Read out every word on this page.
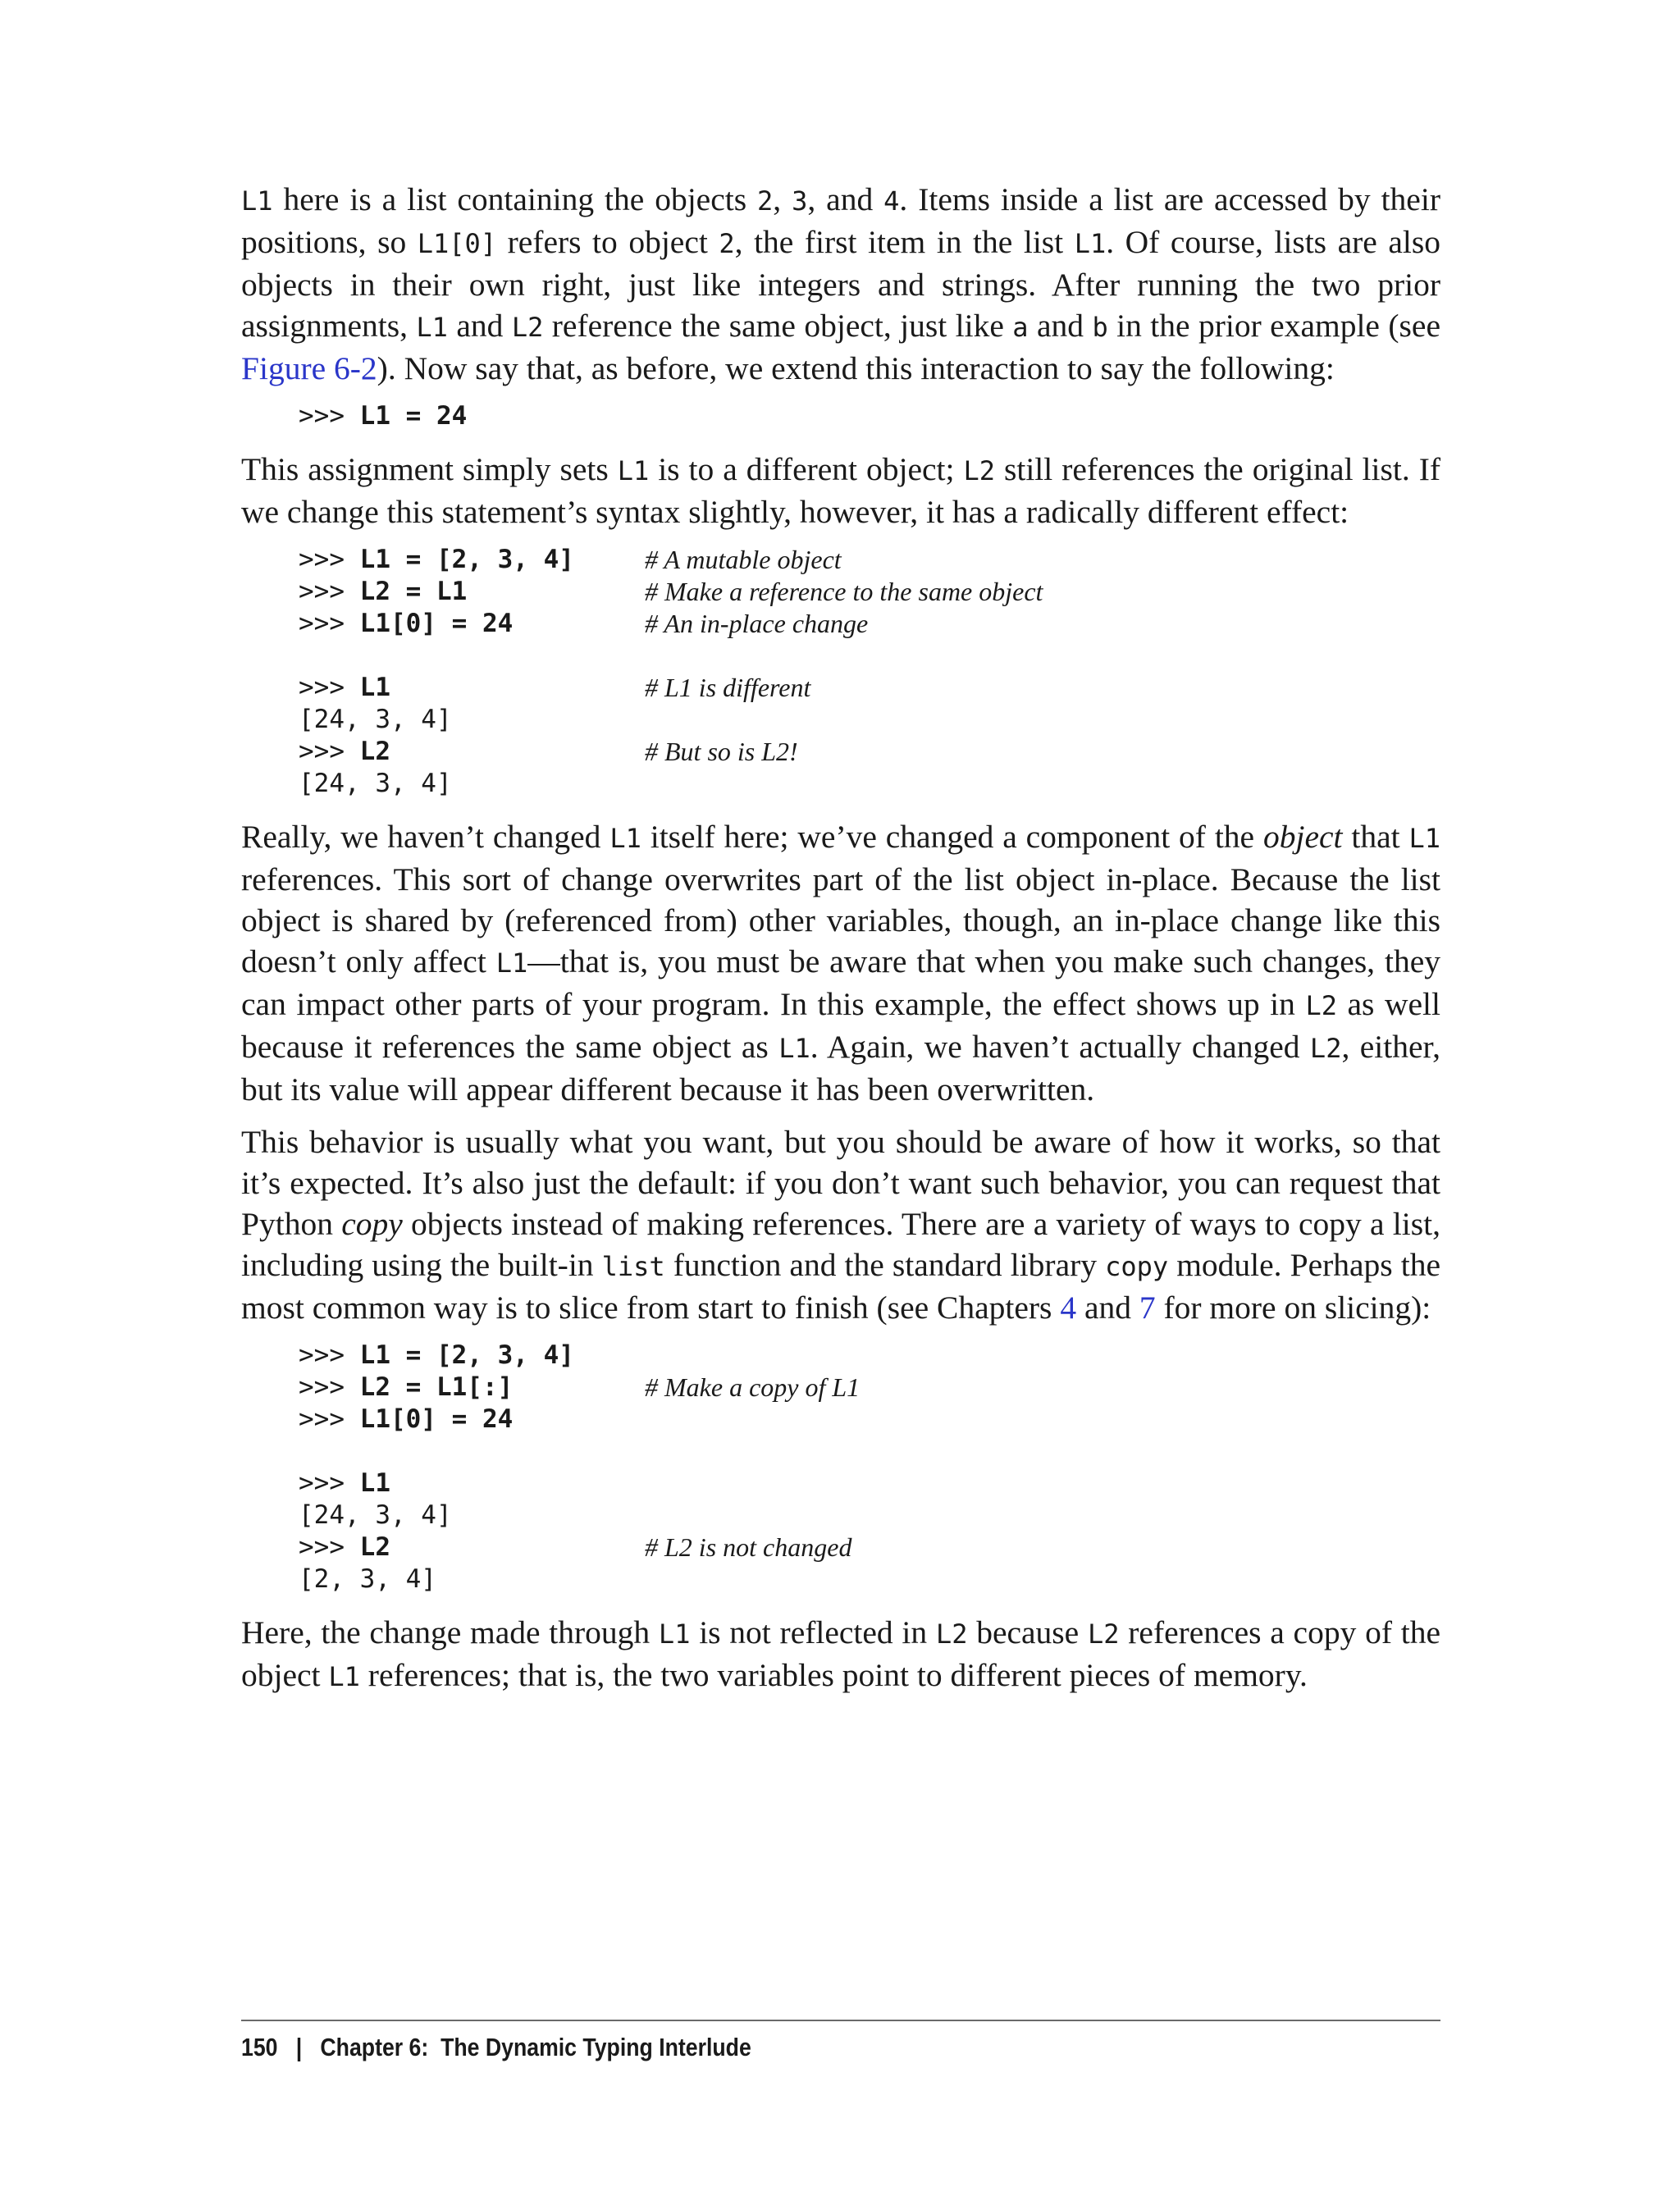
L1 here is a list containing the objects 2, 3, and 4. Items inside a list are accessed by their positions, so L1[0] refers to object 2, the first item in the list L1. Of course, lists are also objects in their own right, just like integers and strings. After running the two prior assignments, L1 and L2 reference the same object, just like a and b in the prior example (see Figure 6-2). Now say that, as before, we extend this interaction to say the following:

>>> L1 = 24

This assignment simply sets L1 is to a different object; L2 still references the original list. If we change this statement’s syntax slightly, however, it has a radically different effect:

>>> L1 = [2, 3, 4]	# A mutable object
>>> L2 = L1	# Make a reference to the same object
>>> L1[0] = 24	# An in-place change
>>> L1	# L1 is different
[24, 3, 4]
>>> L2	# But so is L2!
[24, 3, 4]

Really, we haven’t changed L1 itself here; we’ve changed a component of the object that L1 references. This sort of change overwrites part of the list object in-place. Because the list object is shared by (referenced from) other variables, though, an in-place change like this doesn’t only affect L1—that is, you must be aware that when you make such changes, they can impact other parts of your program. In this example, the effect shows up in L2 as well because it references the same object as L1. Again, we haven’t actually changed L2, either, but its value will appear different because it has been overwritten.

This behavior is usually what you want, but you should be aware of how it works, so that it’s expected. It’s also just the default: if you don’t want such behavior, you can request that Python copy objects instead of making references. There are a variety of ways to copy a list, including using the built-in list function and the standard library copy module. Perhaps the most common way is to slice from start to finish (see Chapters 4 and 7 for more on slicing):

>>> L1 = [2, 3, 4]
>>> L2 = L1[:]	# Make a copy of L1
>>> L1[0] = 24
>>> L1
[24, 3, 4]
>>> L2	# L2 is not changed
[2, 3, 4]

Here, the change made through L1 is not reflected in L2 because L2 references a copy of the object L1 references; that is, the two variables point to different pieces of memory.

150 | Chapter 6:  The Dynamic Typing Interlude
